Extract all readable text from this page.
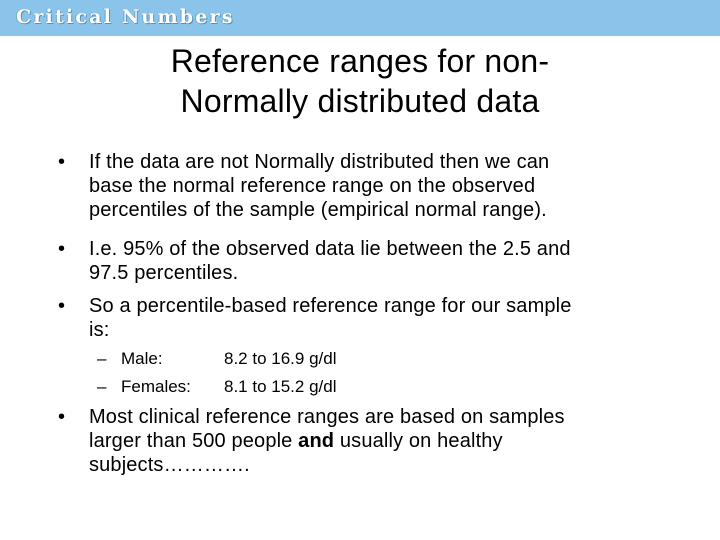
Critical Numbers
Reference ranges for non-
Normally distributed data
• If the data are not Normally distributed then we can
base the normal reference range on the observed
percentiles of the sample (empirical normal range).
• I.e. 95% of the observed data lie between the 2.5 and
97.5 percentiles.
• So a percentile-based reference range for our sample
is:
– Male:	8.2 to 16.9 g/dl
– Females: 8.1 to 15.2 g/dl
• Most clinical reference ranges are based on samples
larger than 500 people and usually on healthy
subjects………….
